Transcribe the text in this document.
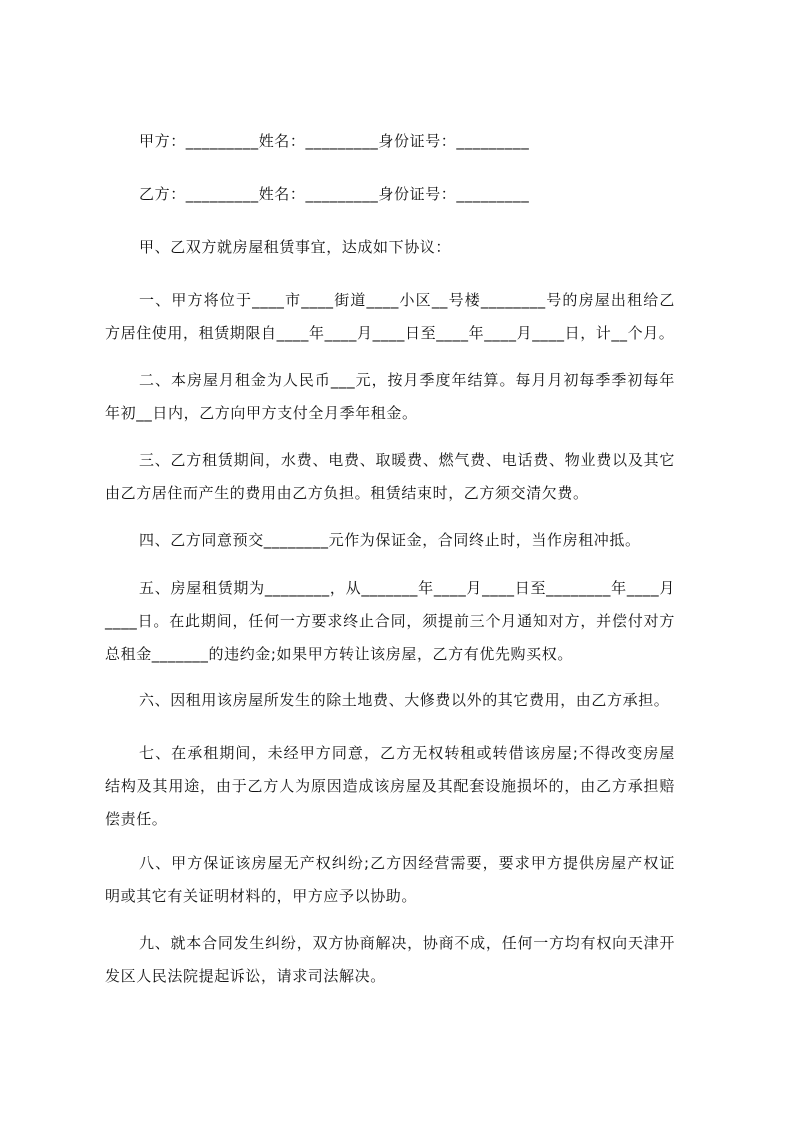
甲方：_________姓名：_________身份证号：_________
乙方：_________姓名：_________身份证号：_________
甲、乙双方就房屋租赁事宜，达成如下协议：
一、甲方将位于____市____街道____小区__号楼________号的房屋出租给乙方居住使用，租赁期限自____年____月____日至____年____月____日，计__个月。
二、本房屋月租金为人民币___元，按月季度年结算。每月月初每季季初每年年初__日内，乙方向甲方支付全月季年租金。
三、乙方租赁期间，水费、电费、取暖费、燃气费、电话费、物业费以及其它由乙方居住而产生的费用由乙方负担。租赁结束时，乙方须交清欠费。
四、乙方同意预交________元作为保证金，合同终止时，当作房租冲抵。
五、房屋租赁期为________，从_______年____月____日至________年____月____日。在此期间，任何一方要求终止合同，须提前三个月通知对方，并偿付对方总租金_______的违约金;如果甲方转让该房屋，乙方有优先购买权。
六、因租用该房屋所发生的除土地费、大修费以外的其它费用，由乙方承担。
七、在承租期间，未经甲方同意，乙方无权转租或转借该房屋;不得改变房屋结构及其用途，由于乙方人为原因造成该房屋及其配套设施损坏的，由乙方承担赔偿责任。
八、甲方保证该房屋无产权纠纷;乙方因经营需要，要求甲方提供房屋产权证明或其它有关证明材料的，甲方应予以协助。
九、就本合同发生纠纷，双方协商解决，协商不成，任何一方均有权向天津开发区人民法院提起诉讼，请求司法解决。
